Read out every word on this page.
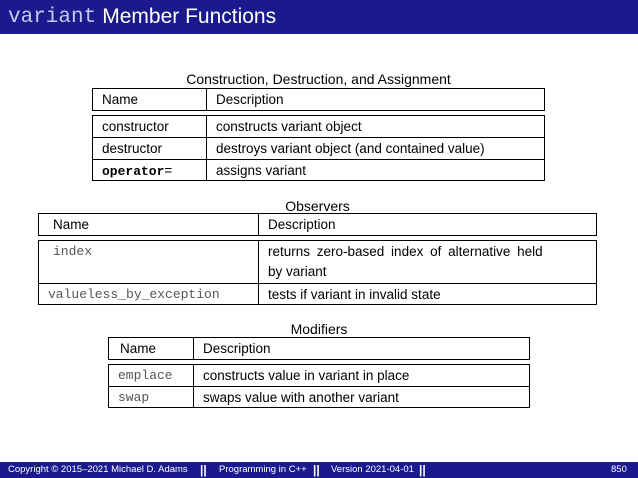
variant Member Functions
Construction, Destruction, and Assignment
Name	Description
constructor	constructs variant object
destructor	destroys variant object (and contained value)
operator=	assigns variant
Observers
Name	Description
index	returns zero-based index of alternative held
by variant
valueless_by_exception	tests if variant in invalid state
Modifiers
Name	Description
emplace	constructs value in variant in place
swap	swaps value with another variant
Copyright © 2015–2021 Michael D. Adams || Programming in C++ || Version 2021-04-01 ||	850
